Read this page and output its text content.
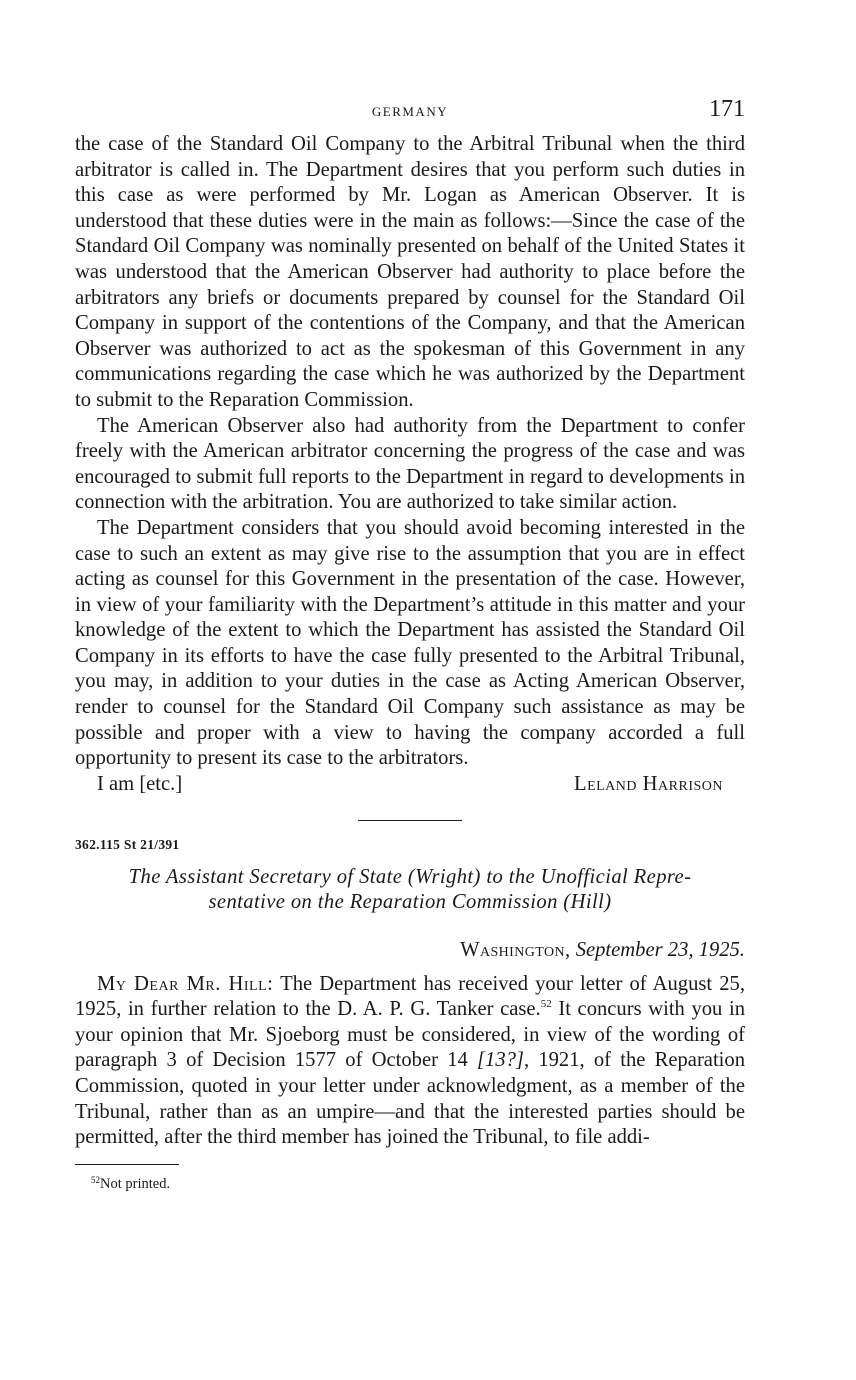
GERMANY	171

the case of the Standard Oil Company to the Arbitral Tribunal when the third arbitrator is called in. The Department desires that you perform such duties in this case as were performed by Mr. Logan as American Observer. It is understood that these duties were in the main as follows:—Since the case of the Standard Oil Company was nominally presented on behalf of the United States it was understood that the American Observer had authority to place before the arbitrators any briefs or documents prepared by counsel for the Standard Oil Company in support of the contentions of the Company, and that the American Observer was authorized to act as the spokesman of this Government in any communications regarding the case which he was authorized by the Department to submit to the Reparation Commission.

The American Observer also had authority from the Department to confer freely with the American arbitrator concerning the progress of the case and was encouraged to submit full reports to the Department in regard to developments in connection with the arbitration. You are authorized to take similar action.

The Department considers that you should avoid becoming interested in the case to such an extent as may give rise to the assumption that you are in effect acting as counsel for this Government in the presentation of the case. However, in view of your familiarity with the Department’s attitude in this matter and your knowledge of the extent to which the Department has assisted the Standard Oil Company in its efforts to have the case fully presented to the Arbitral Tribunal, you may, in addition to your duties in the case as Acting American Observer, render to counsel for the Standard Oil Company such assistance as may be possible and proper with a view to having the company accorded a full opportunity to present its case to the arbitrators.

I am [etc.]	Leland Harrison
362.115 St 21/391
The Assistant Secretary of State (Wright) to the Unofficial Repre-
sentative on the Reparation Commission (Hill)
Washington, September 23, 1925.

My Dear Mr. Hill: The Department has received your letter of August 25, 1925, in further relation to the D. A. P. G. Tanker case.$^{52}$ It concurs with you in your opinion that Mr. Sjoeborg must be considered, in view of the wording of paragraph 3 of Decision 1577 of October 14 [13?], 1921, of the Reparation Commission, quoted in your letter under acknowledgment, as a member of the Tribunal, rather than as an umpire—and that the interested parties should be permitted, after the third member has joined the Tribunal, to file addi-

$^{52}$Not printed.
